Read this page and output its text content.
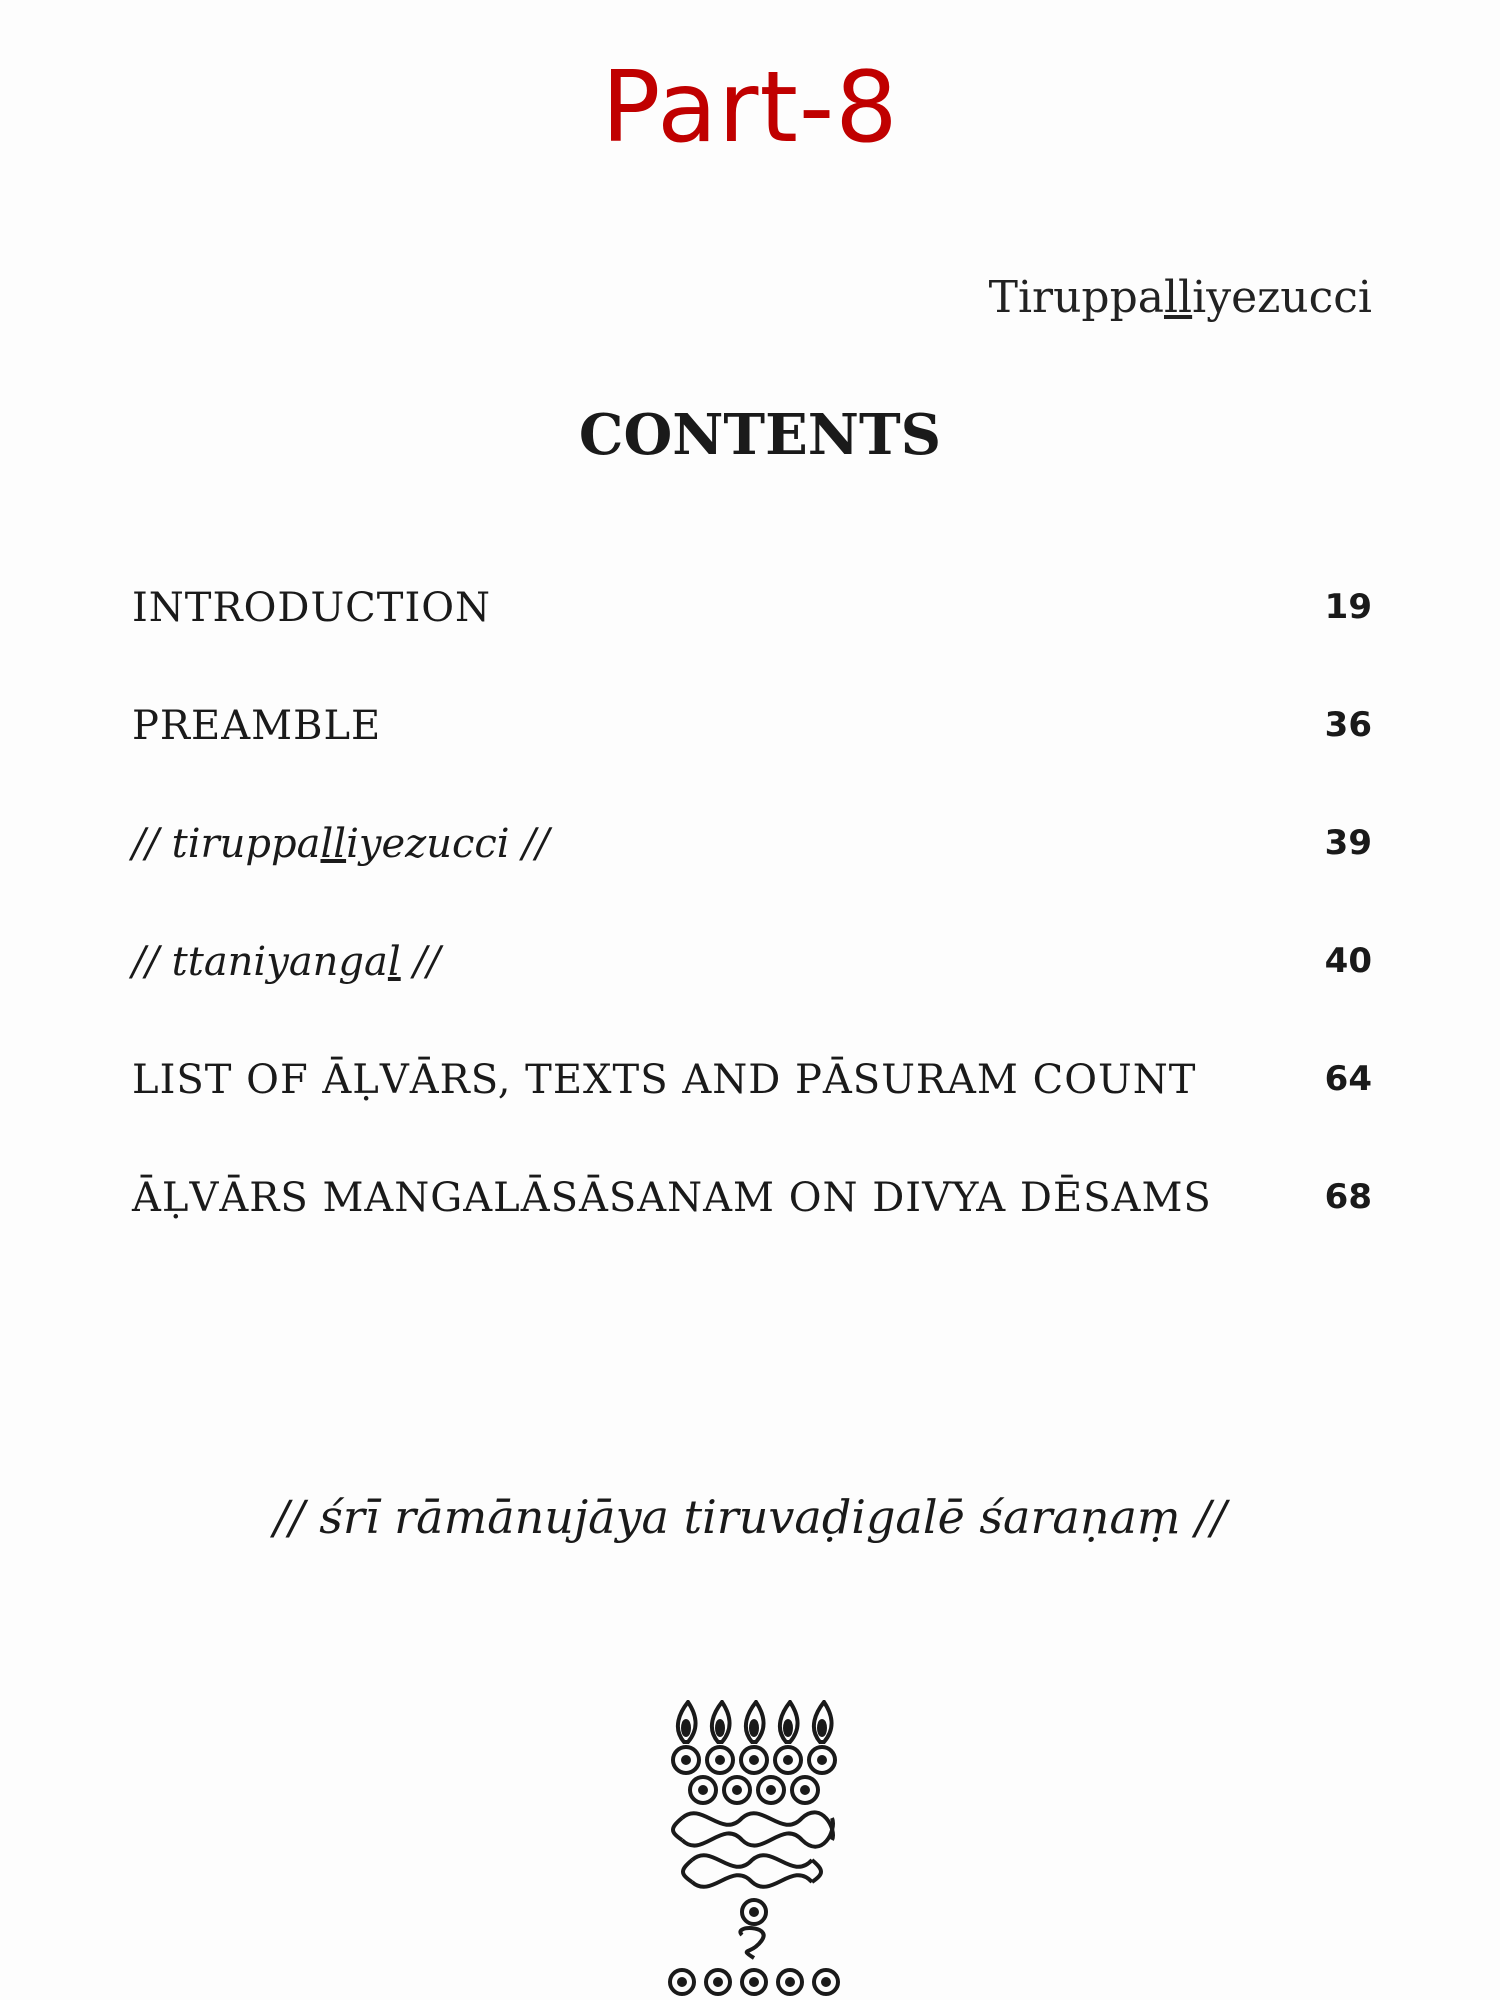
Part-8
Tiruppalliyezucci
CONTENTS
INTRODUCTION	19
PREAMBLE	36
// tiruppalliyezucci //	39
// ttaniyangal //	40
LIST OF ĀḶVĀRS, TEXTS AND PĀSURAM COUNT	64
ĀḶVĀRS MANGALĀSĀSANAM ON DIVYA DĒSAMS	68
// śrī rāmānujāya tiruvaḍigalē śaraṇaṃ //
